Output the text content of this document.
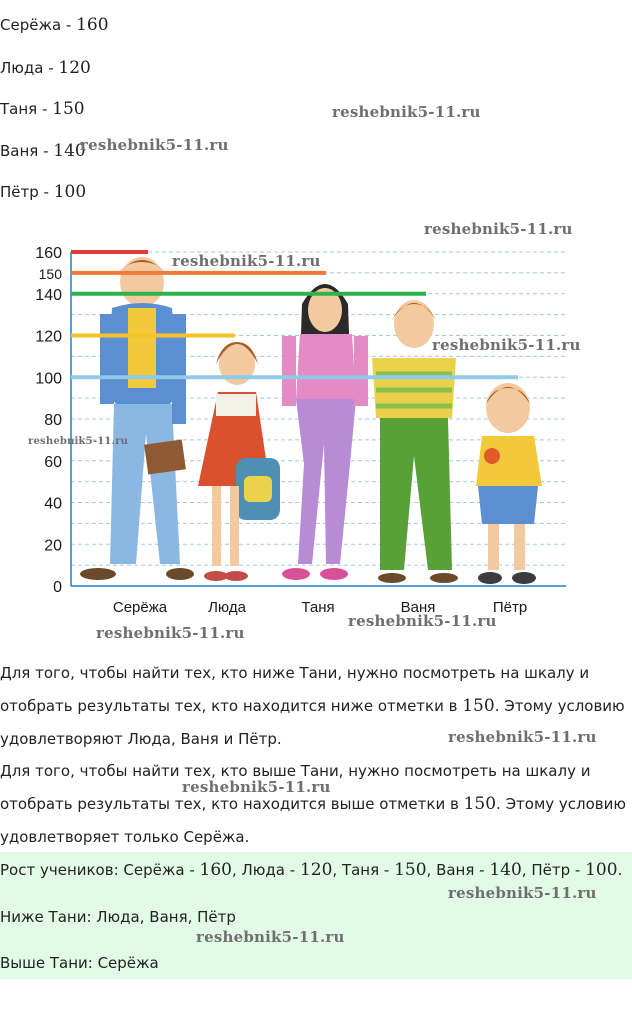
Серёжа - 160
Люда - 120
Таня - 150
Ваня - 140
Пётр - 100
reshebnik5-11.ru
reshebnik5-11.ru
reshebnik5-11.ru
0
20
40
60
80
100
120
140
150
160
Серёжа	Люда	Таня	Ваня	Пётр
reshebnik5-11.ru
reshebnik5-11.ru
reshebnik5-11.ru
reshebnik5-11.ru
reshebnik5-11.ru
Для того, чтобы найти тех, кто ниже Тани, нужно посмотреть на шкалу и
отобрать результаты тех, кто находится ниже отметки в 150. Этому условию
удовлетворяют Люда, Ваня и Пётр.	reshebnik5-11.ru
Для того, чтобы найти тех, кто выше Тани, нужно посмотреть на шкалу и
reshebnik5-11.ru
отобрать результаты тех, кто находится выше отметки в 150. Этому условию
удовлетворяет только Серёжа.
Рост учеников: Серёжа - 160, Люда - 120, Таня - 150, Ваня - 140, Пётр - 100.
reshebnik5-11.ru
Ниже Тани: Люда, Ваня, Пётр
reshebnik5-11.ru
Выше Тани: Серёжа
